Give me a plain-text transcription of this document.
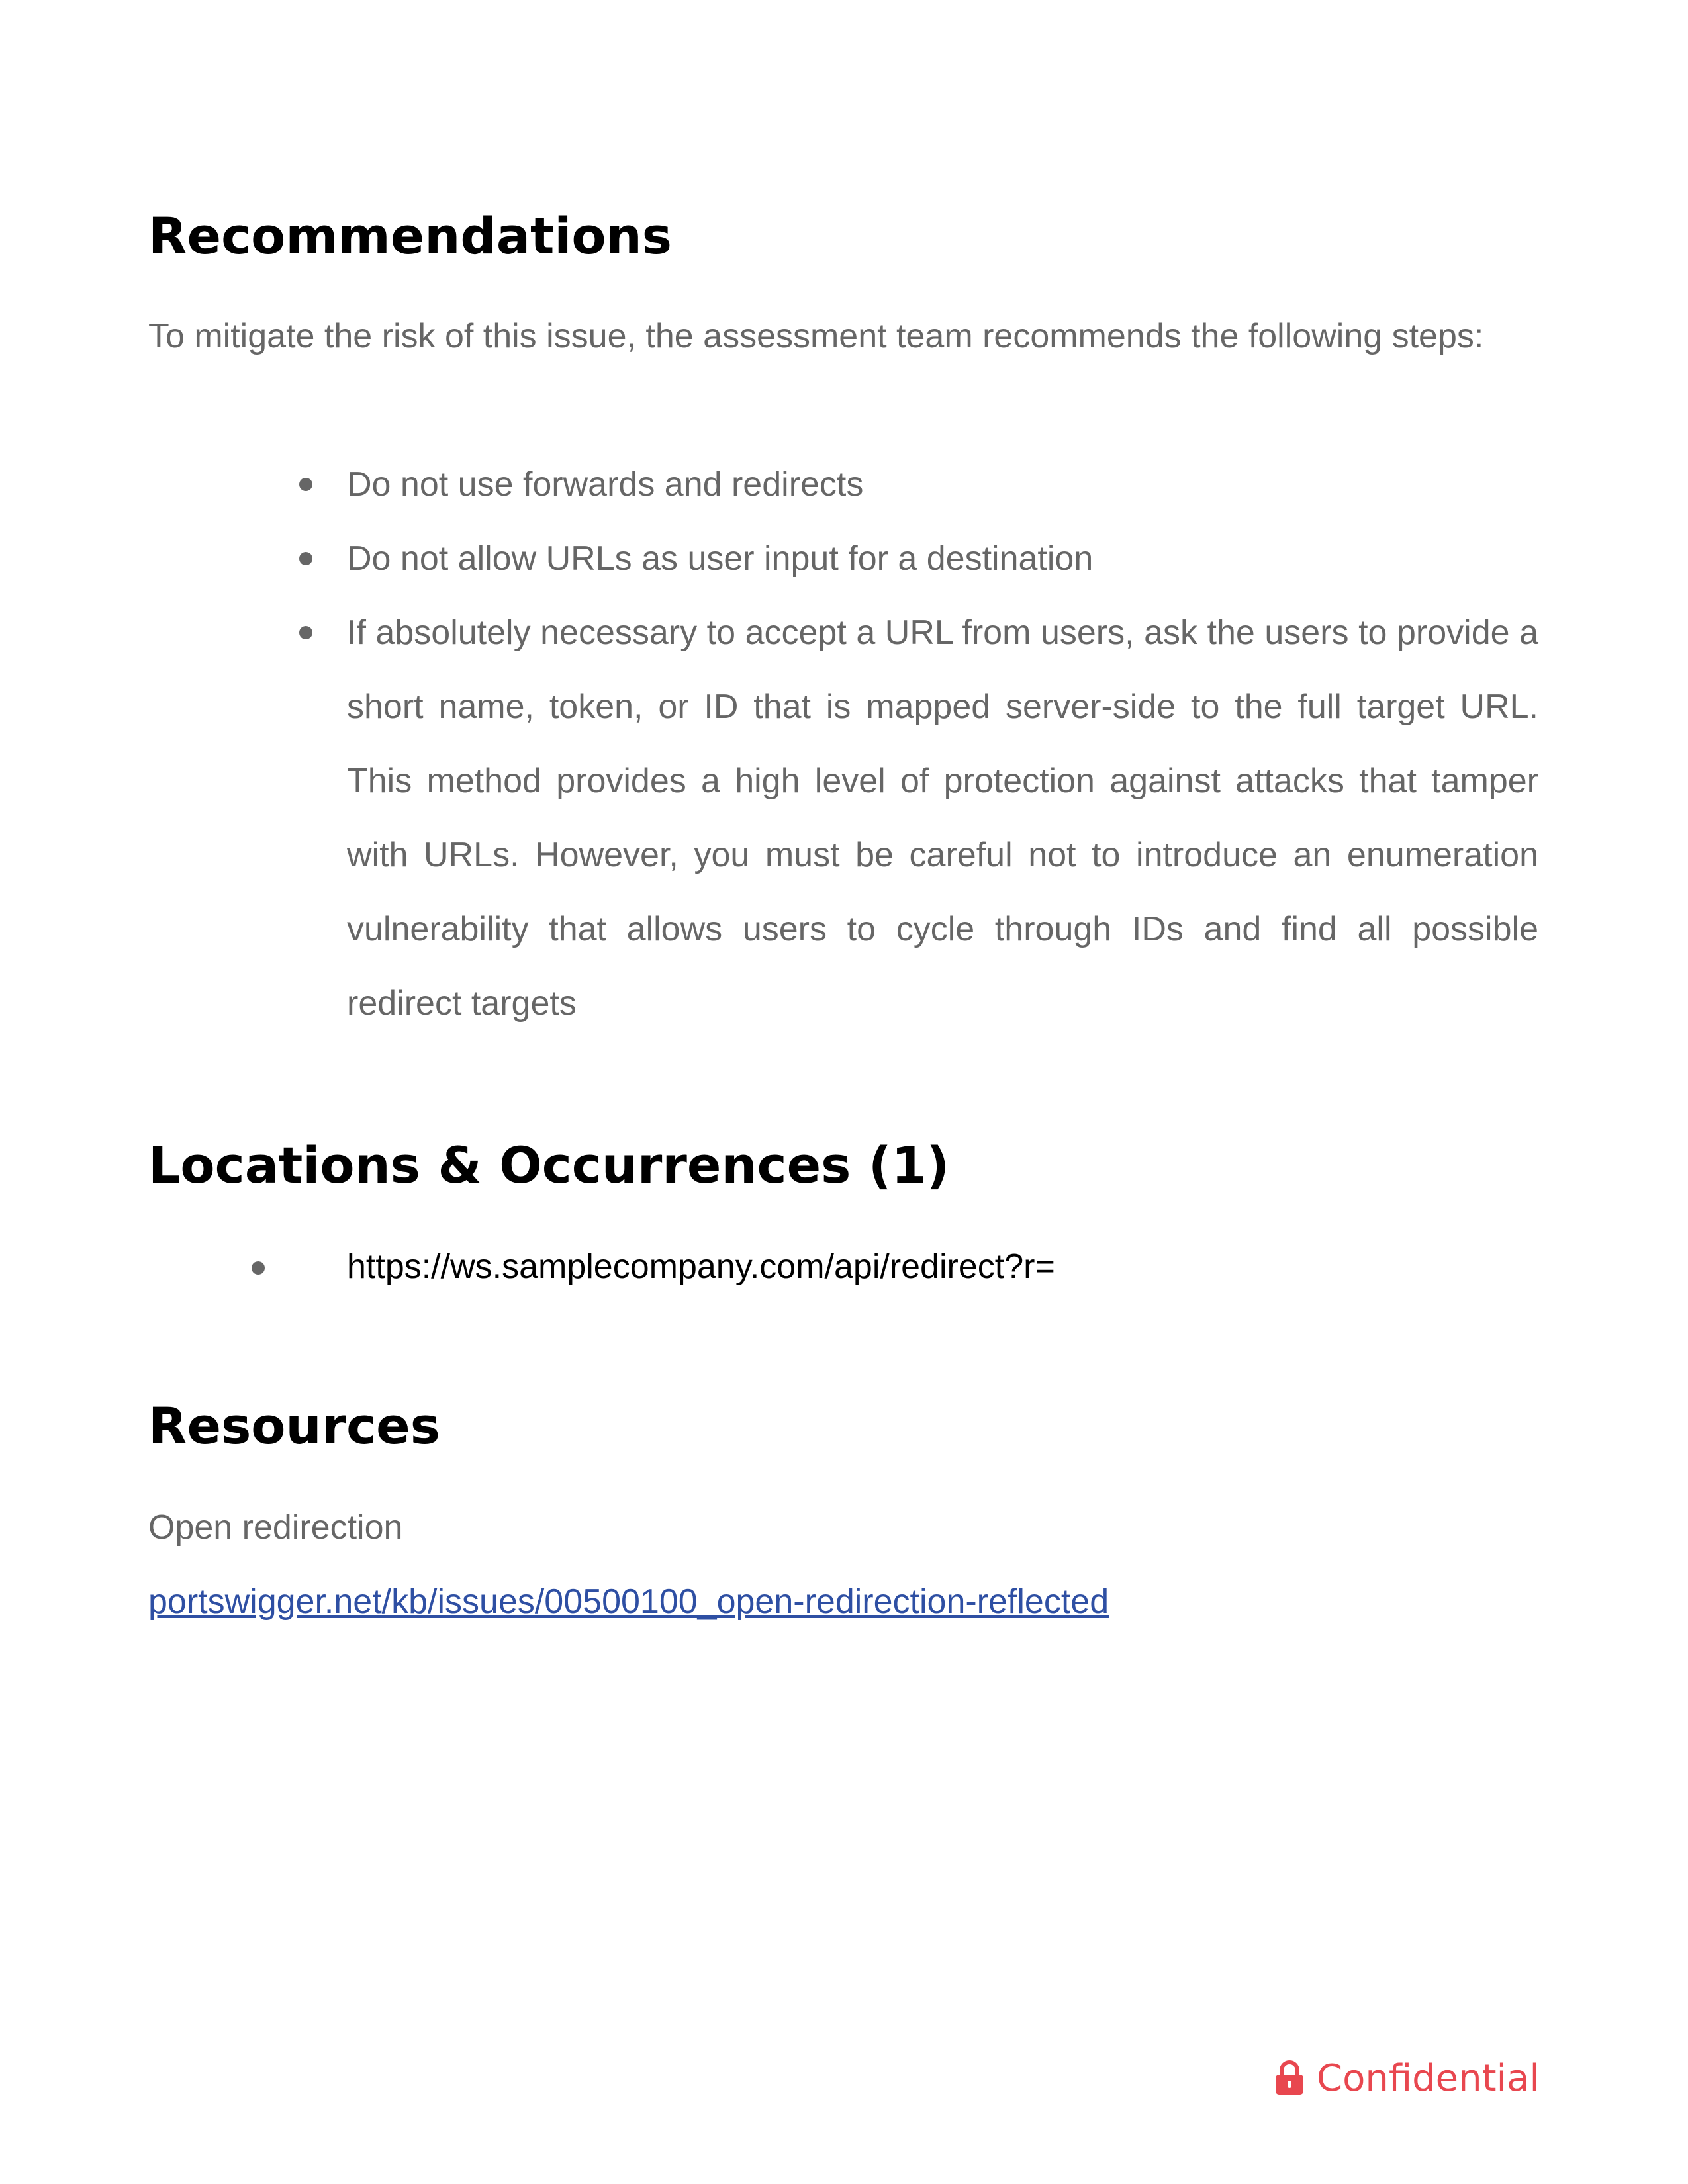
Recommendations

To mitigate the risk of this issue, the assessment team recommends the following steps:

Do not use forwards and redirects
Do not allow URLs as user input for a destination
If absolutely necessary to accept a URL from users, ask the users to provide a short name, token, or ID that is mapped server-side to the full target URL. This method provides a high level of protection against attacks that tamper with URLs. However, you must be careful not to introduce an enumeration vulnerability that allows users to cycle through IDs and find all possible redirect targets
Locations & Occurrences (1)
https://ws.samplecompany.com/api/redirect?r=
Resources
Open redirection
portswigger.net/kb/issues/00500100_open-redirection-reflected
Confidential
